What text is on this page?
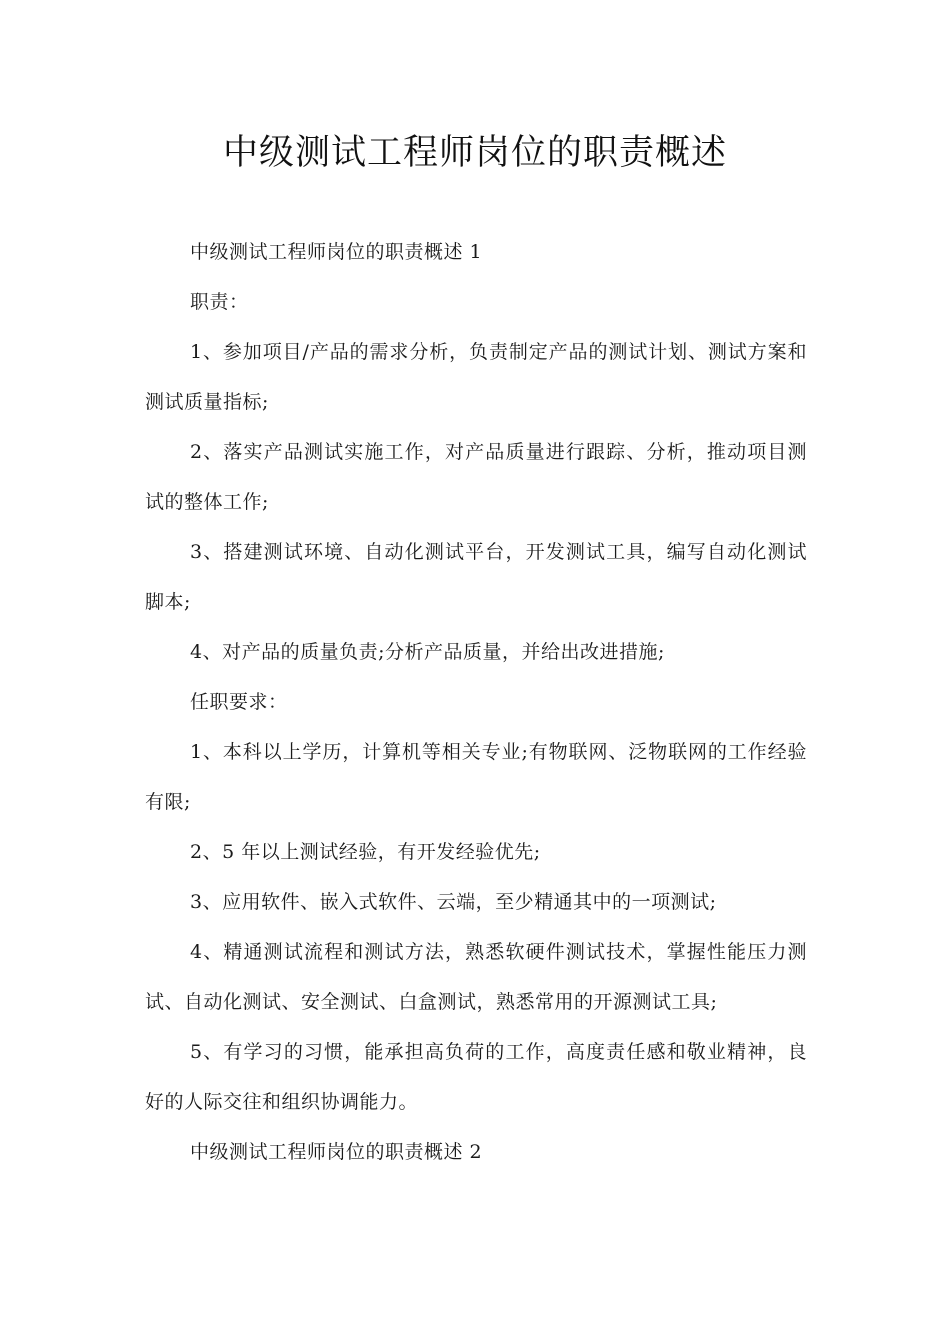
中级测试工程师岗位的职责概述

中级测试工程师岗位的职责概述 1

职责：

1、参加项目/产品的需求分析，负责制定产品的测试计划、测试方案和测试质量指标;

2、落实产品测试实施工作，对产品质量进行跟踪、分析，推动项目测试的整体工作;

3、搭建测试环境、自动化测试平台，开发测试工具，编写自动化测试脚本;

4、对产品的质量负责;分析产品质量，并给出改进措施;

任职要求：

1、本科以上学历，计算机等相关专业;有物联网、泛物联网的工作经验有限;

2、5 年以上测试经验，有开发经验优先;

3、应用软件、嵌入式软件、云端，至少精通其中的一项测试;

4、精通测试流程和测试方法，熟悉软硬件测试技术，掌握性能压力测试、自动化测试、安全测试、白盒测试，熟悉常用的开源测试工具;

5、有学习的习惯，能承担高负荷的工作，高度责任感和敬业精神，良好的人际交往和组织协调能力。

中级测试工程师岗位的职责概述 2
